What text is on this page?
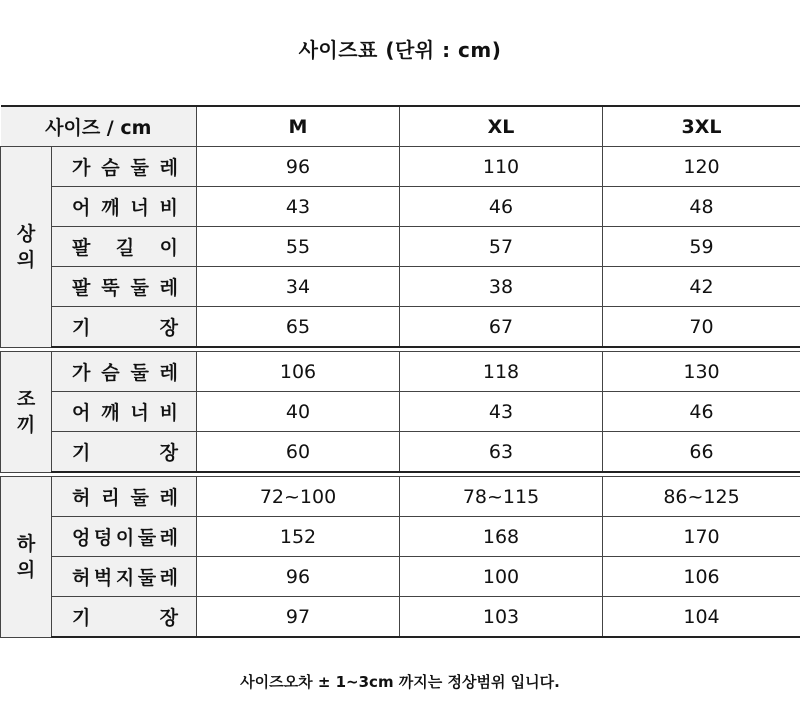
사이즈표 (단위 : cm)
사이즈 / cm		M	XL	3XL
상
의	가 슴 둘 레	96	110	120

	어 깨 너 비	43	46	48

	팔 길 이	55	57	59

	팔 뚝 둘 레	34	38	42

	기 장	65	67	70

조
끼	가 슴 둘 레	106	118	130

	어 깨 너 비	40	43	46

	기 장	60	63	66

하
의	허 리 둘 레	72~100	78~115	86~125

	엉 덩 이 둘 레	152	168	170

	허 벅 지 둘 레	96	100	106

	기 장	97	103	104
사이즈오차 ± 1~3cm 까지는 정상범위 입니다.
